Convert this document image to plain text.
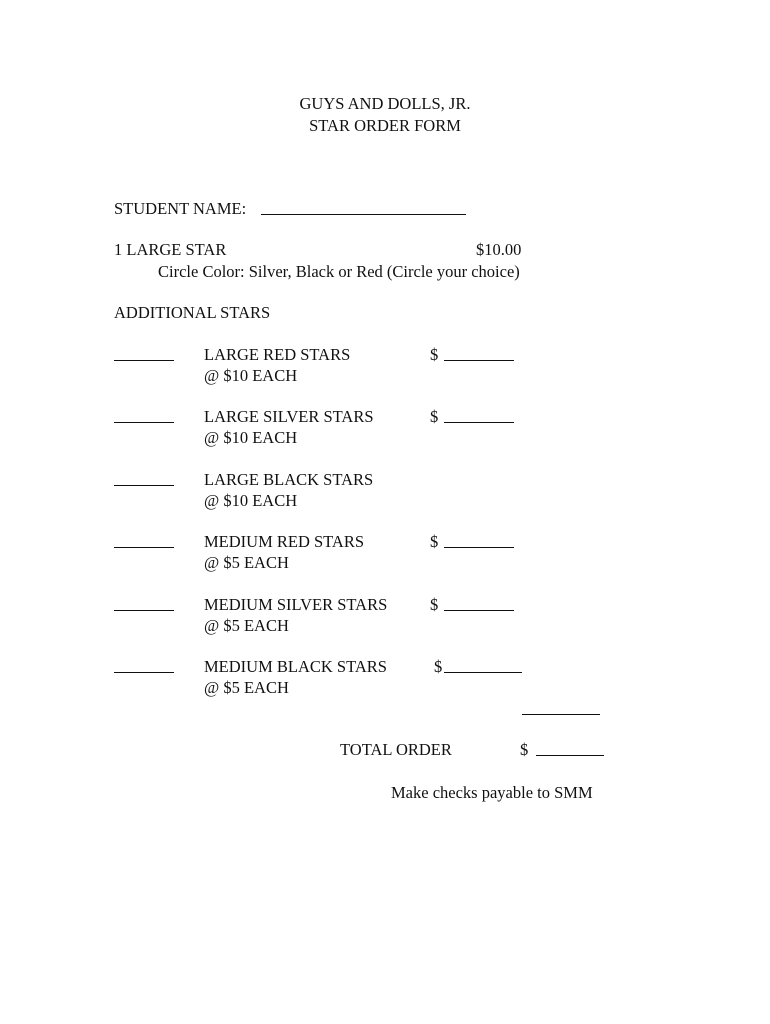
GUYS AND DOLLS, JR.
STAR ORDER FORM
STUDENT NAME:
1 LARGE STAR	$10.00
Circle Color: Silver, Black or Red (Circle your choice)
ADDITIONAL STARS
LARGE RED STARS
@ $10 EACH
$
LARGE SILVER STARS
@ $10 EACH
$
LARGE BLACK STARS
@ $10 EACH
MEDIUM RED STARS
@ $5 EACH
$
MEDIUM SILVER STARS
@ $5 EACH
$
MEDIUM BLACK STARS
@ $5 EACH
$
TOTAL ORDER	$
Make checks payable to SMM
